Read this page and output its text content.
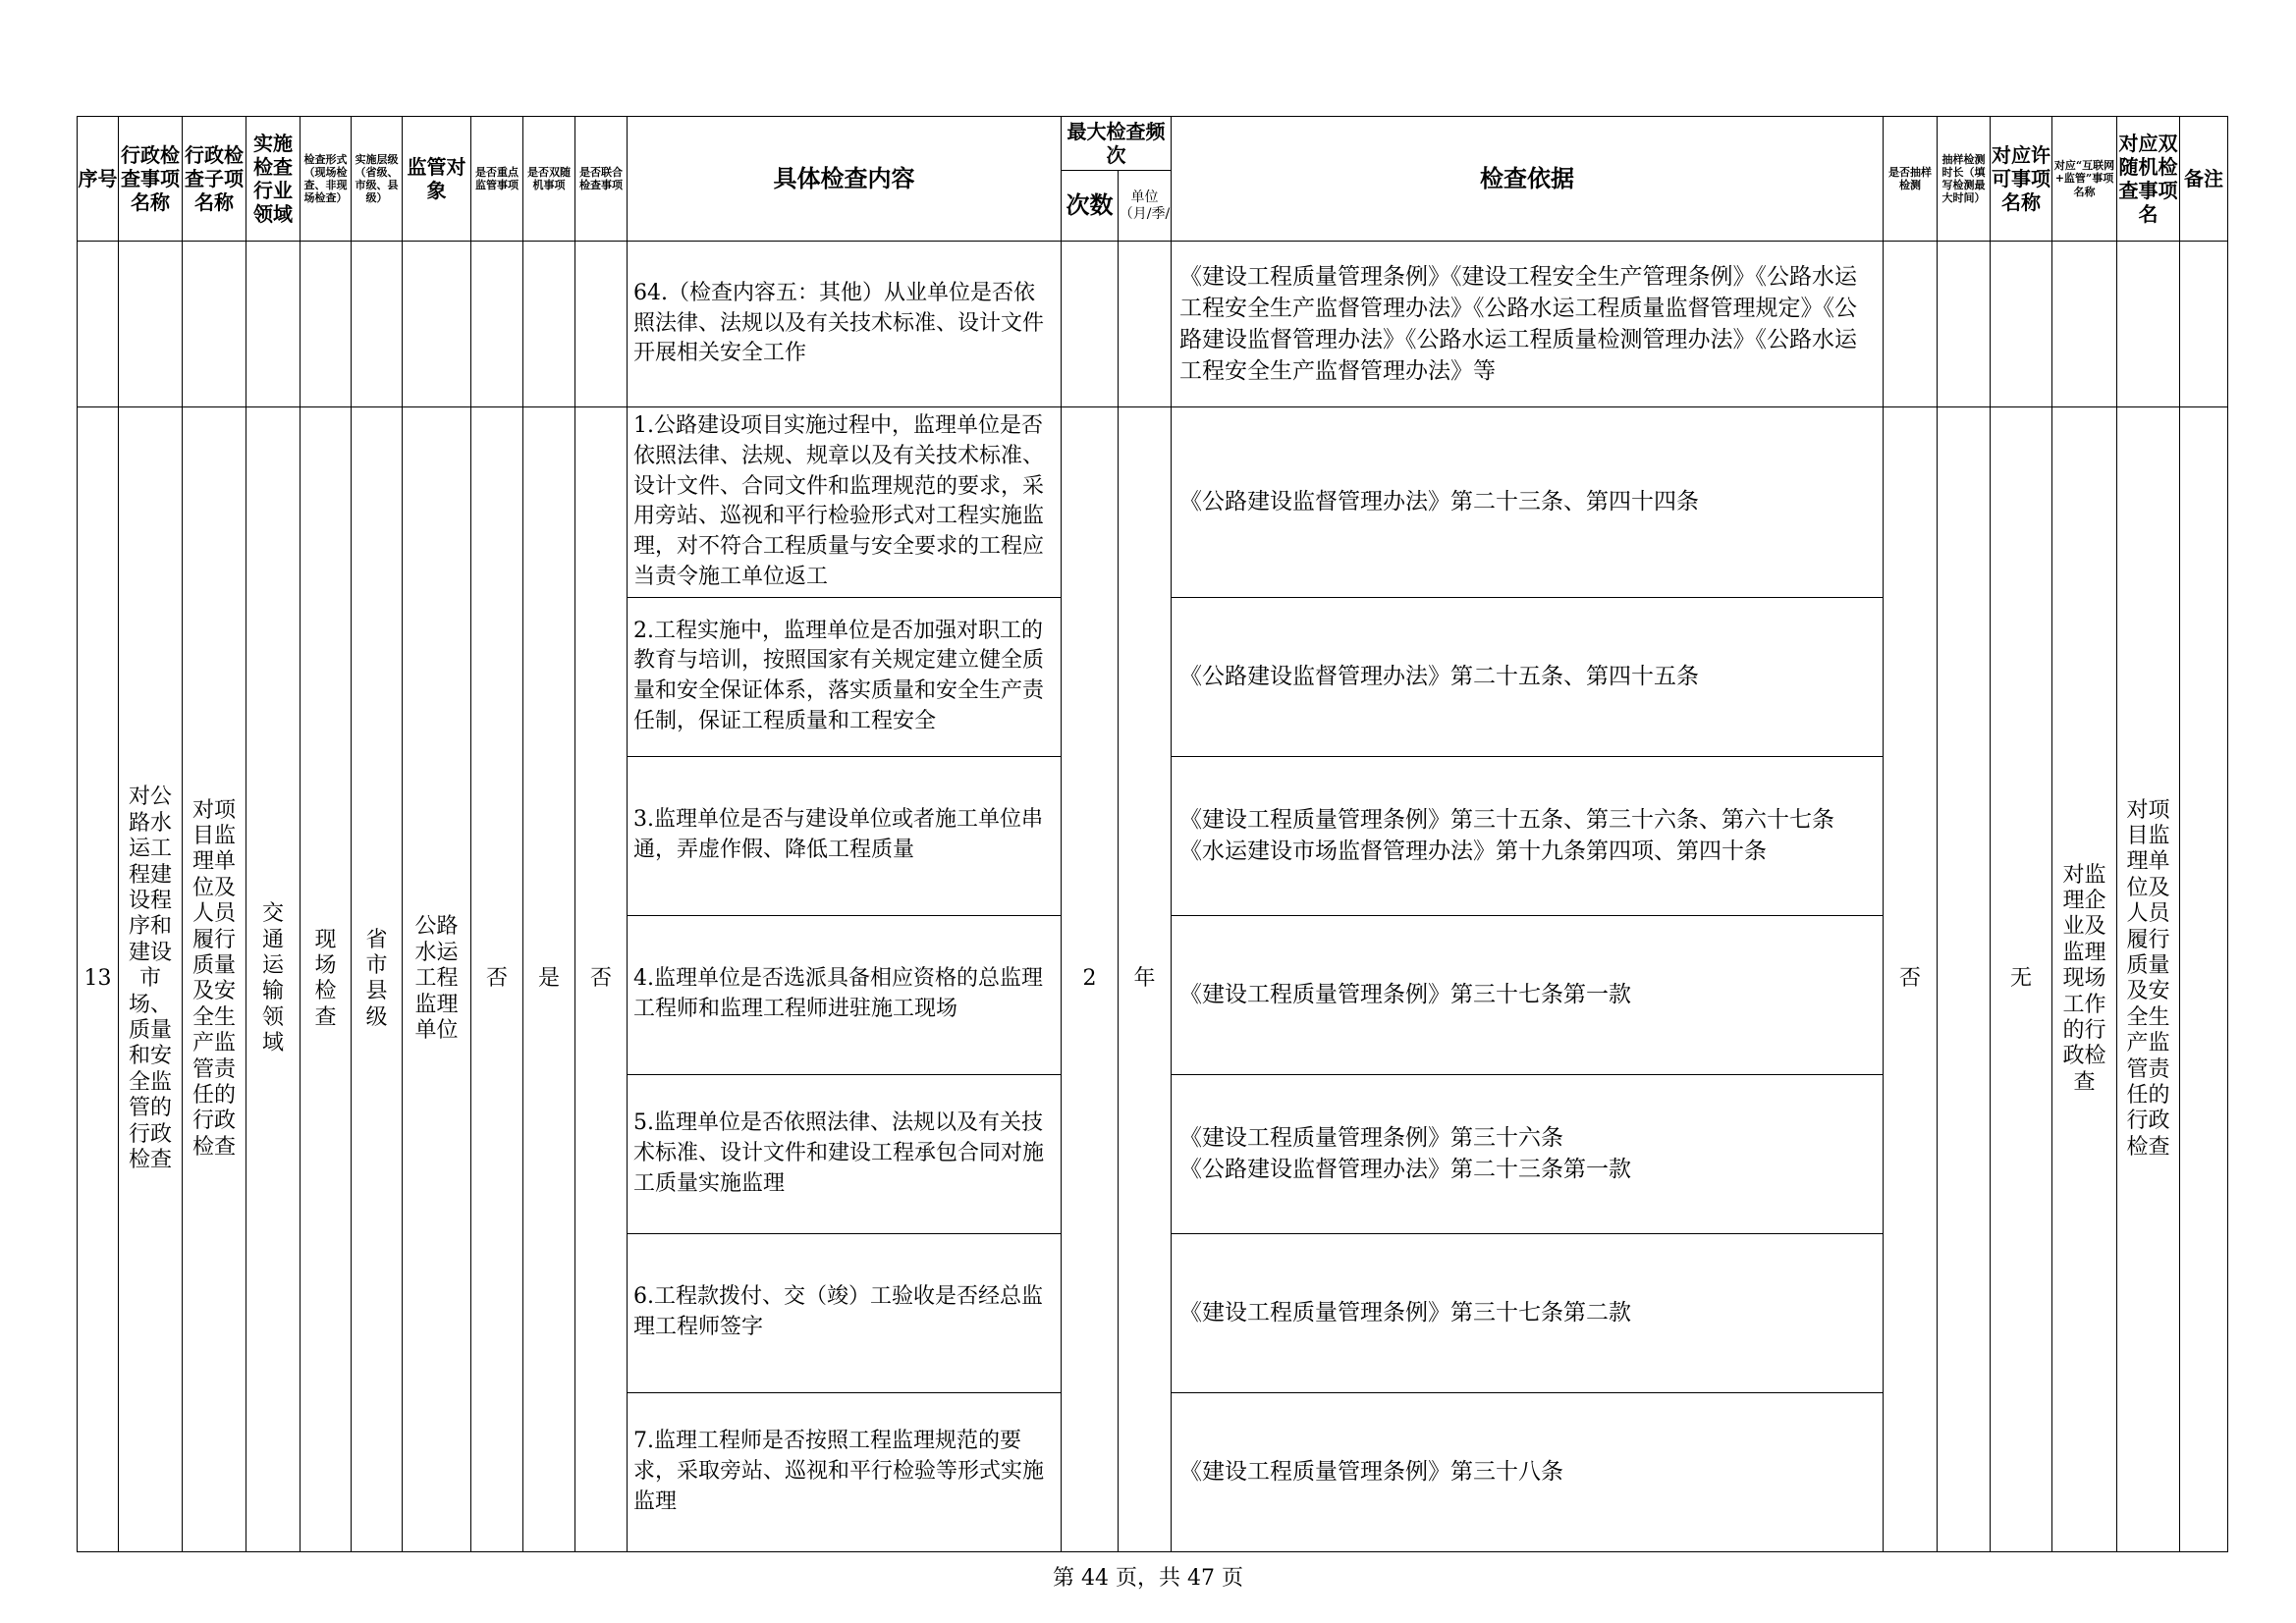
序号	行政检查事项名称	行政检查子项名称	实施检查行业领域	检查形式（现场检查、非现场检查）	实施层级（省级、市级、县级）	监管对象	是否重点监管事项	是否双随机事项	是否联合检查事项	具体检查内容	最大检查频次		检查依据	是否抽样检测	抽样检测时长（填写检测最大时间）	对应许可事项名称	对应“互联网+监管”事项名称	对应双随机检查事项名	备注
											次数	单位（月/季/							
										64.（检查内容五：其他）从业单位是否依照法律、法规以及有关技术标准、设计文件开展相关安全工作			《建设工程质量管理条例》《建设工程安全生产管理条例》《公路水运工程安全生产监督管理办法》《公路水运工程质量监督管理规定》《公路建设监督管理办法》《公路水运工程质量检测管理办法》《公路水运工程安全生产监督管理办法》等						
13	对公路水运工程建设程序和建设市场、质量和安全监管的行政检查	对项目监理单位及人员履行质量及安全生产监管责任的行政检查	交通运输领域	现场检查	省市县级	公路水运工程监理单位	否	是	否	1.公路建设项目实施过程中，监理单位是否依照法律、法规、规章以及有关技术标准、设计文件、合同文件和监理规范的要求，采用旁站、巡视和平行检验形式对工程实施监理，对不符合工程质量与安全要求的工程应当责令施工单位返工	2	年	《公路建设监督管理办法》第二十三条、第四十四条	否		无	对监理企业及监理现场工作的行政检查	对项目监理单位及人员履行质量及安全生产监管责任的行政检查	
										2.工程实施中，监理单位是否加强对职工的教育与培训，按照国家有关规定建立健全质量和安全保证体系，落实质量和安全生产责任制，保证工程质量和工程安全			《公路建设监督管理办法》第二十五条、第四十五条						
										3.监理单位是否与建设单位或者施工单位串通，弄虚作假、降低工程质量			《建设工程质量管理条例》第三十五条、第三十六条、第六十七条
《水运建设市场监督管理办法》第十九条第四项、第四十条						
										4.监理单位是否选派具备相应资格的总监理工程师和监理工程师进驻施工现场			《建设工程质量管理条例》第三十七条第一款						
										5.监理单位是否依照法律、法规以及有关技术标准、设计文件和建设工程承包合同对施工质量实施监理			《建设工程质量管理条例》第三十六条
《公路建设监督管理办法》第二十三条第一款						
										6.工程款拨付、交（竣）工验收是否经总监理工程师签字			《建设工程质量管理条例》第三十七条第二款						
										7.监理工程师是否按照工程监理规范的要求，采取旁站、巡视和平行检验等形式实施监理			《建设工程质量管理条例》第三十八条						
第 44 页，共 47 页
